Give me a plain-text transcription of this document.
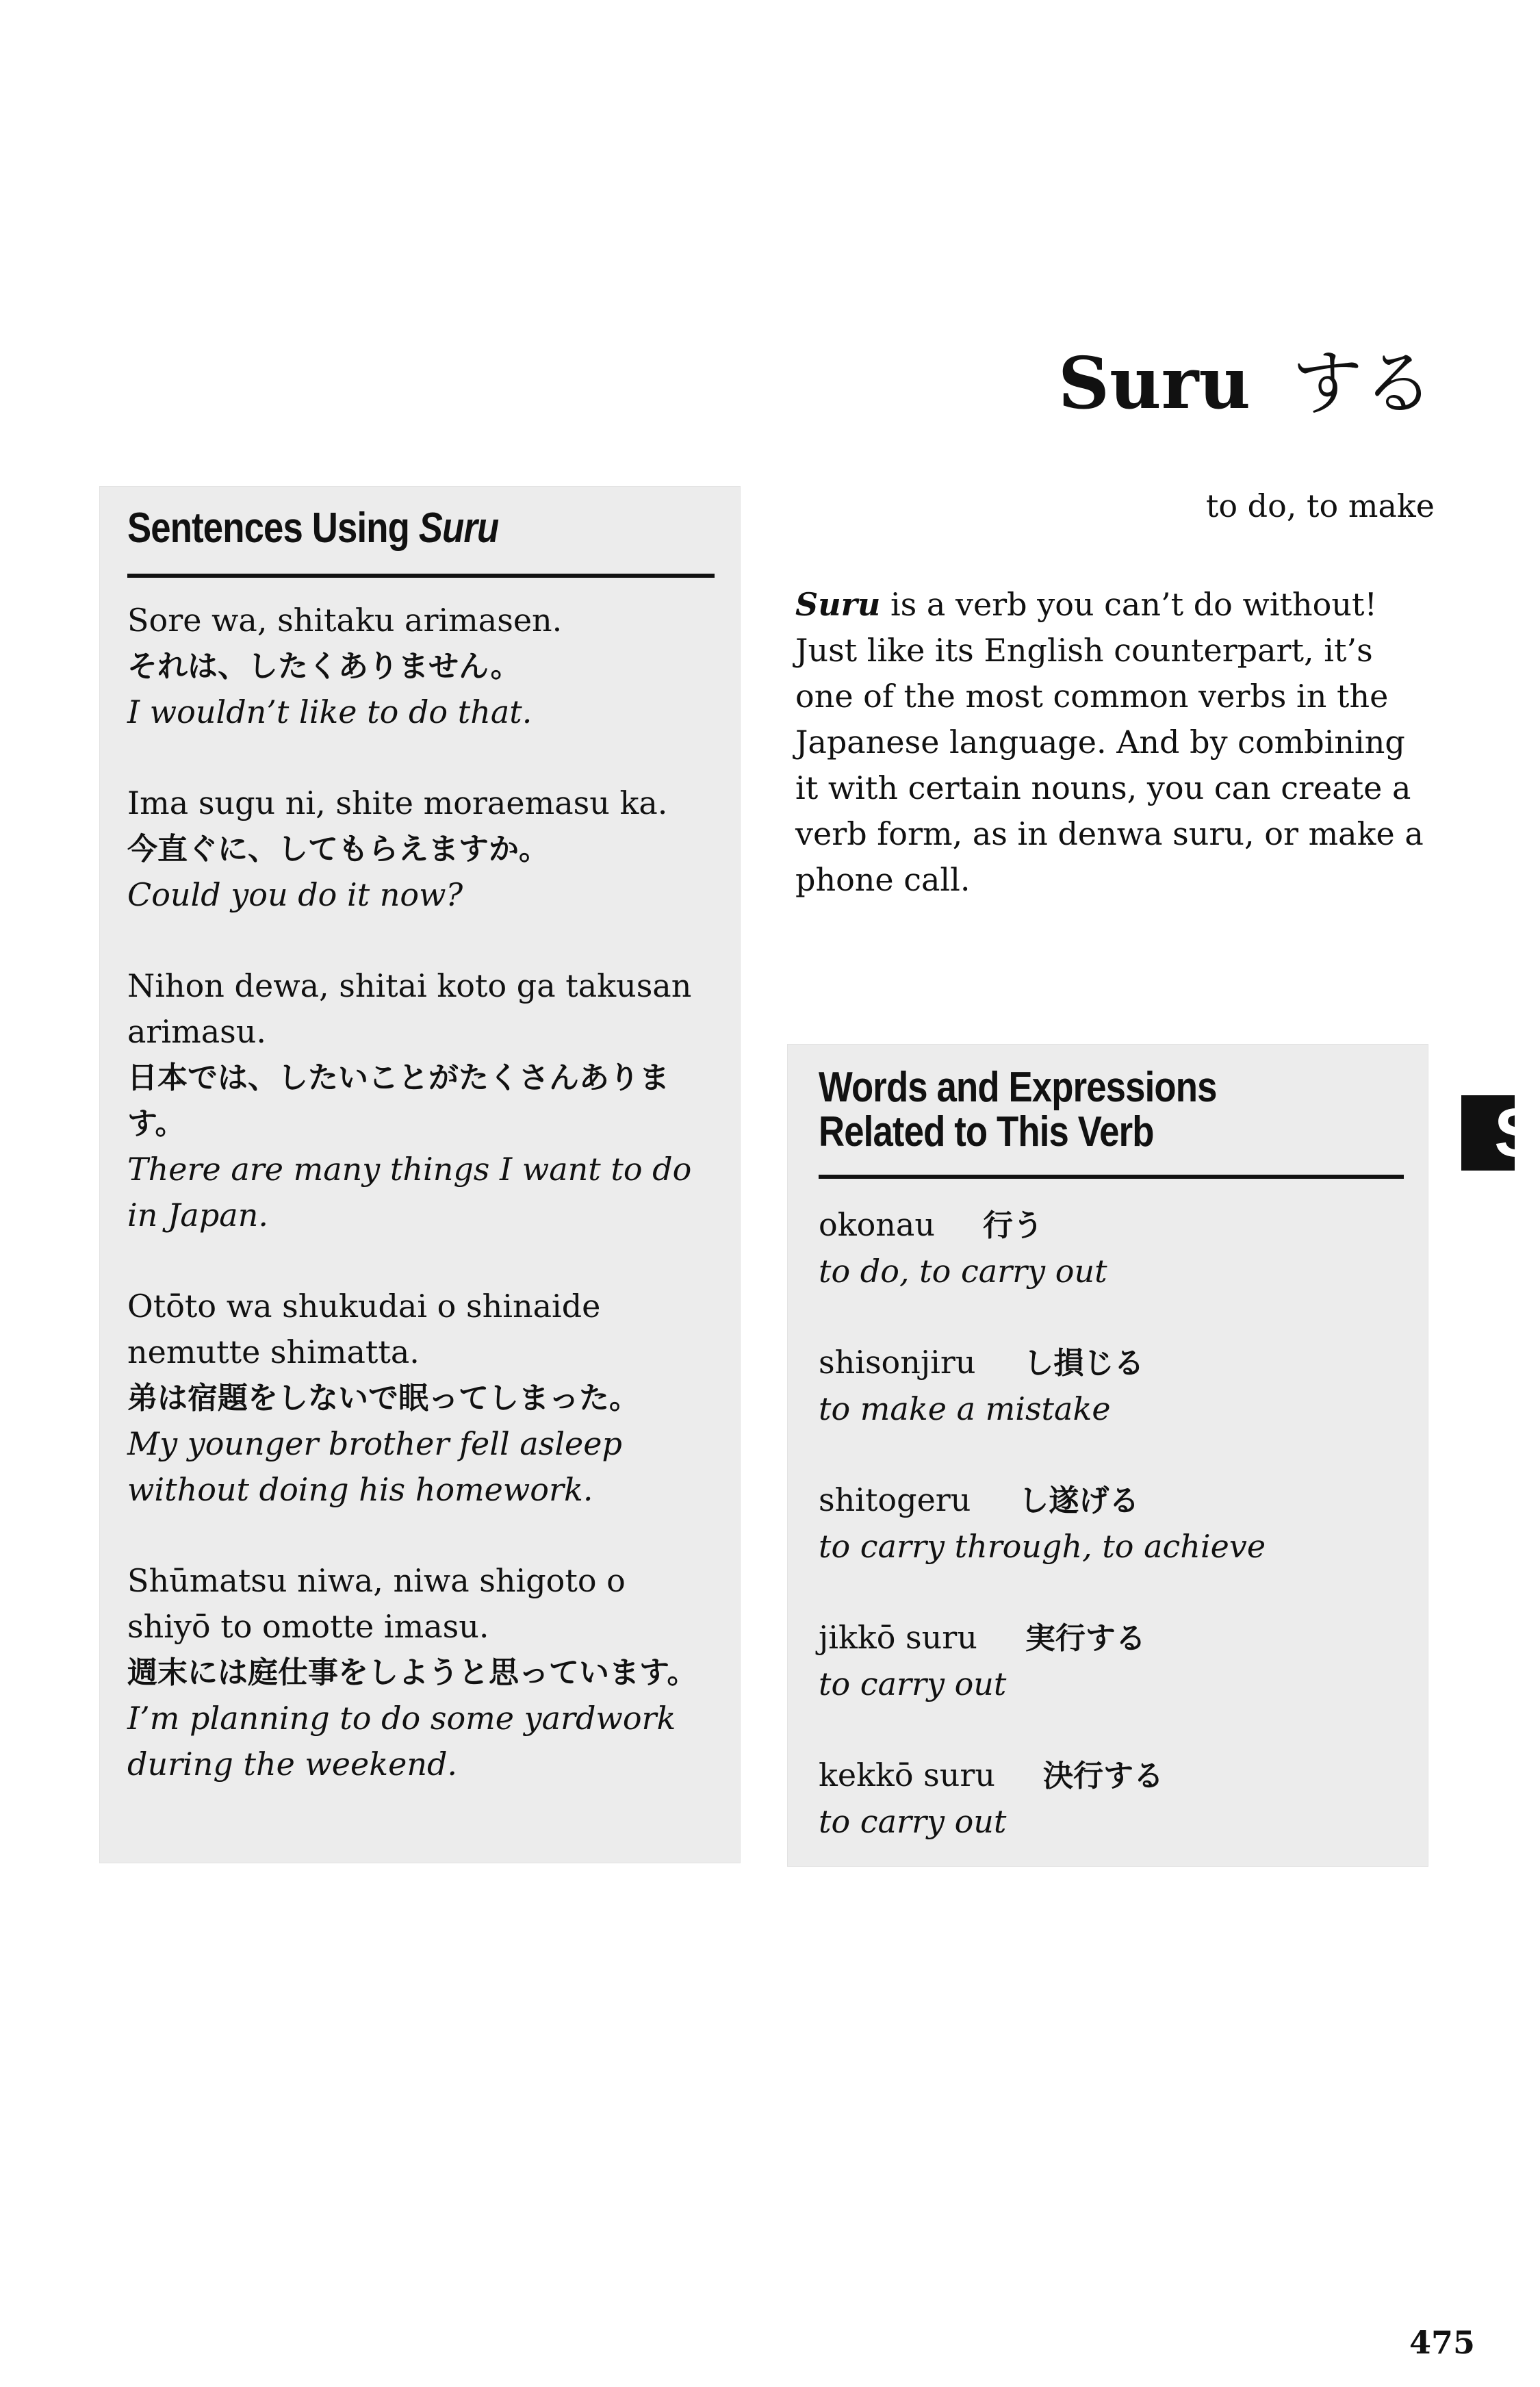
Suru する
to do, to make
Sentences Using Suru
Sore wa, shitaku arimasen.
それは、したくありません。
I wouldn’t like to do that.
Ima sugu ni, shite moraemasu ka.
今直ぐに、してもらえますか。
Could you do it now?
Nihon dewa, shitai koto ga takusan arimasu.
日本では、したいことがたくさんあります。
There are many things I want to do in Japan.
Otōto wa shukudai o shinaide nemutte shimatta.
弟は宿題をしないで眠ってしまった。
My younger brother fell asleep without doing his homework.
Shūmatsu niwa, niwa shigoto o shiyō to omotte imasu.
週末には庭仕事をしようと思っています。
I’m planning to do some yardwork during the weekend.
Suru is a verb you can’t do without! Just like its English counterpart, it’s one of the most common verbs in the Japanese language. And by combining it with certain nouns, you can create a verb form, as in denwa suru, or make a phone call.
Words and Expressions
Related to This Verb
okonau 行う
to do, to carry out
shisonjiru し損じる
to make a mistake
shitogeru し遂げる
to carry through, to achieve
jikkō suru 実行する
to carry out
kekkō suru 決行する
to carry out
S
475
